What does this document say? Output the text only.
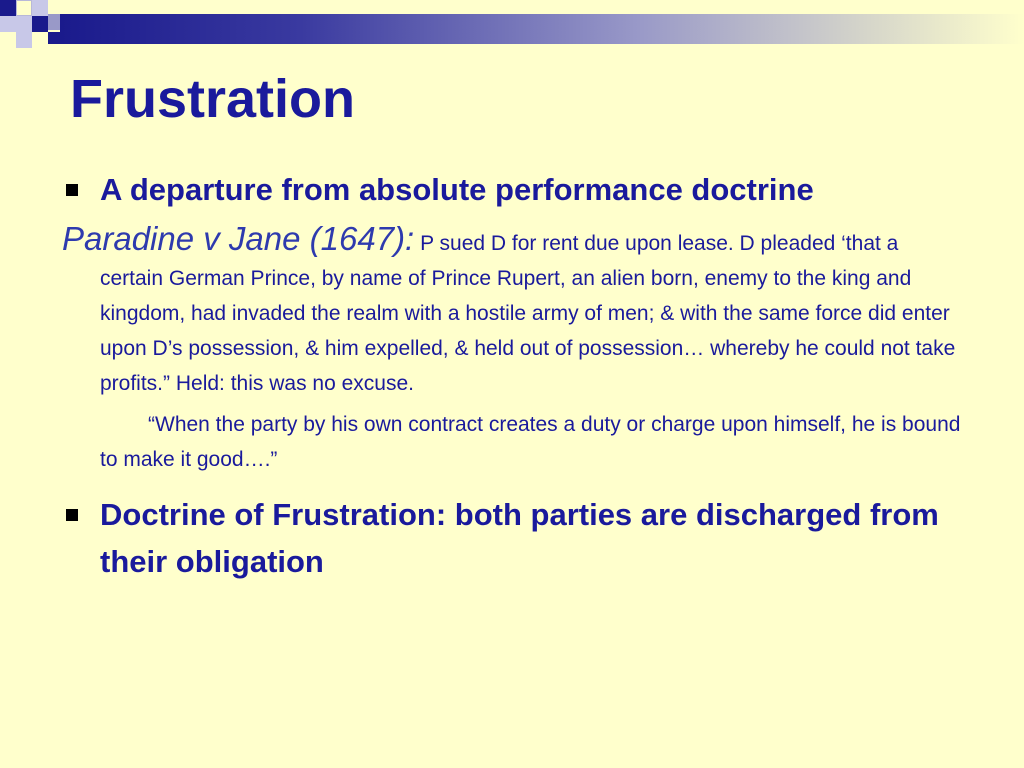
Frustration
A departure from absolute performance doctrine
Paradine v Jane (1647): P sued D for rent due upon lease. D pleaded ‘that a certain German Prince, by name of Prince Rupert, an alien born, enemy to the king and kingdom, had invaded the realm with a hostile army of men; & with the same force did enter upon D’s possession, & him expelled, & held out of possession… whereby he could not take profits.” Held: this was no excuse.
“When the party by his own contract creates a duty or charge upon himself, he is bound to make it good….”
Doctrine of Frustration: both parties are discharged from their obligation
